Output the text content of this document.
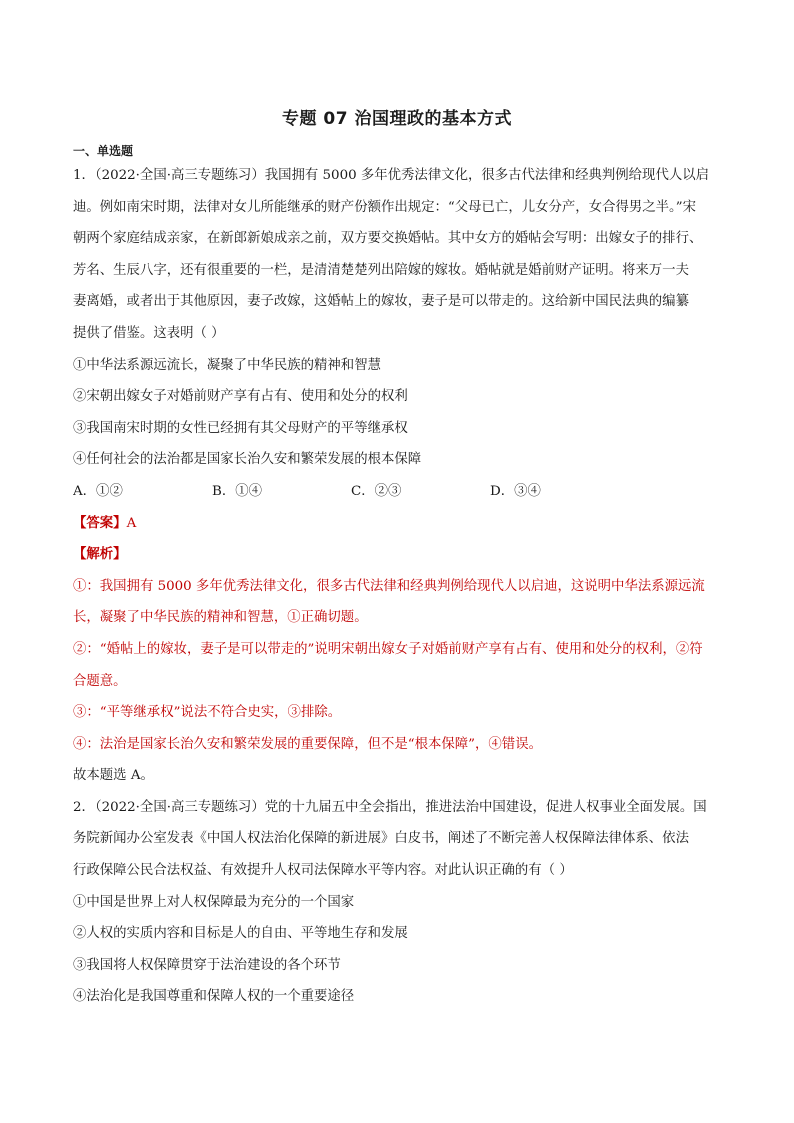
专题 07 治国理政的基本方式
一、单选题
1．（2022·全国·高三专题练习）我国拥有 5000 多年优秀法律文化，很多古代法律和经典判例给现代人以启
迪。例如南宋时期，法律对女儿所能继承的财产份额作出规定：“父母已亡，儿女分产，女合得男之半。”宋
朝两个家庭结成亲家，在新郎新娘成亲之前，双方要交换婚帖。其中女方的婚帖会写明：出嫁女子的排行、
芳名、生辰八字，还有很重要的一栏，是清清楚楚列出陪嫁的嫁妆。婚帖就是婚前财产证明。将来万一夫
妻离婚，或者出于其他原因，妻子改嫁，这婚帖上的嫁妆，妻子是可以带走的。这给新中国民法典的编纂
提供了借鉴。这表明（ ）
①中华法系源远流长，凝聚了中华民族的精神和智慧
②宋朝出嫁女子对婚前财产享有占有、使用和处分的权利
③我国南宋时期的女性已经拥有其父母财产的平等继承权
④任何社会的法治都是国家长治久安和繁荣发展的根本保障
A．①②	B．①④	C．②③	D．③④
【答案】A
【解析】
①：我国拥有 5000 多年优秀法律文化，很多古代法律和经典判例给现代人以启迪，这说明中华法系源远流
长，凝聚了中华民族的精神和智慧，①正确切题。
②：“婚帖上的嫁妆，妻子是可以带走的”说明宋朝出嫁女子对婚前财产享有占有、使用和处分的权利，②符
合题意。
③：“平等继承权”说法不符合史实，③排除。
④：法治是国家长治久安和繁荣发展的重要保障，但不是“根本保障”，④错误。
故本题选 A。
2．（2022·全国·高三专题练习）党的十九届五中全会指出，推进法治中国建设，促进人权事业全面发展。国
务院新闻办公室发表《中国人权法治化保障的新进展》白皮书，阐述了不断完善人权保障法律体系、依法
行政保障公民合法权益、有效提升人权司法保障水平等内容。对此认识正确的有（ ）
①中国是世界上对人权保障最为充分的一个国家
②人权的实质内容和目标是人的自由、平等地生存和发展
③我国将人权保障贯穿于法治建设的各个环节
④法治化是我国尊重和保障人权的一个重要途径
